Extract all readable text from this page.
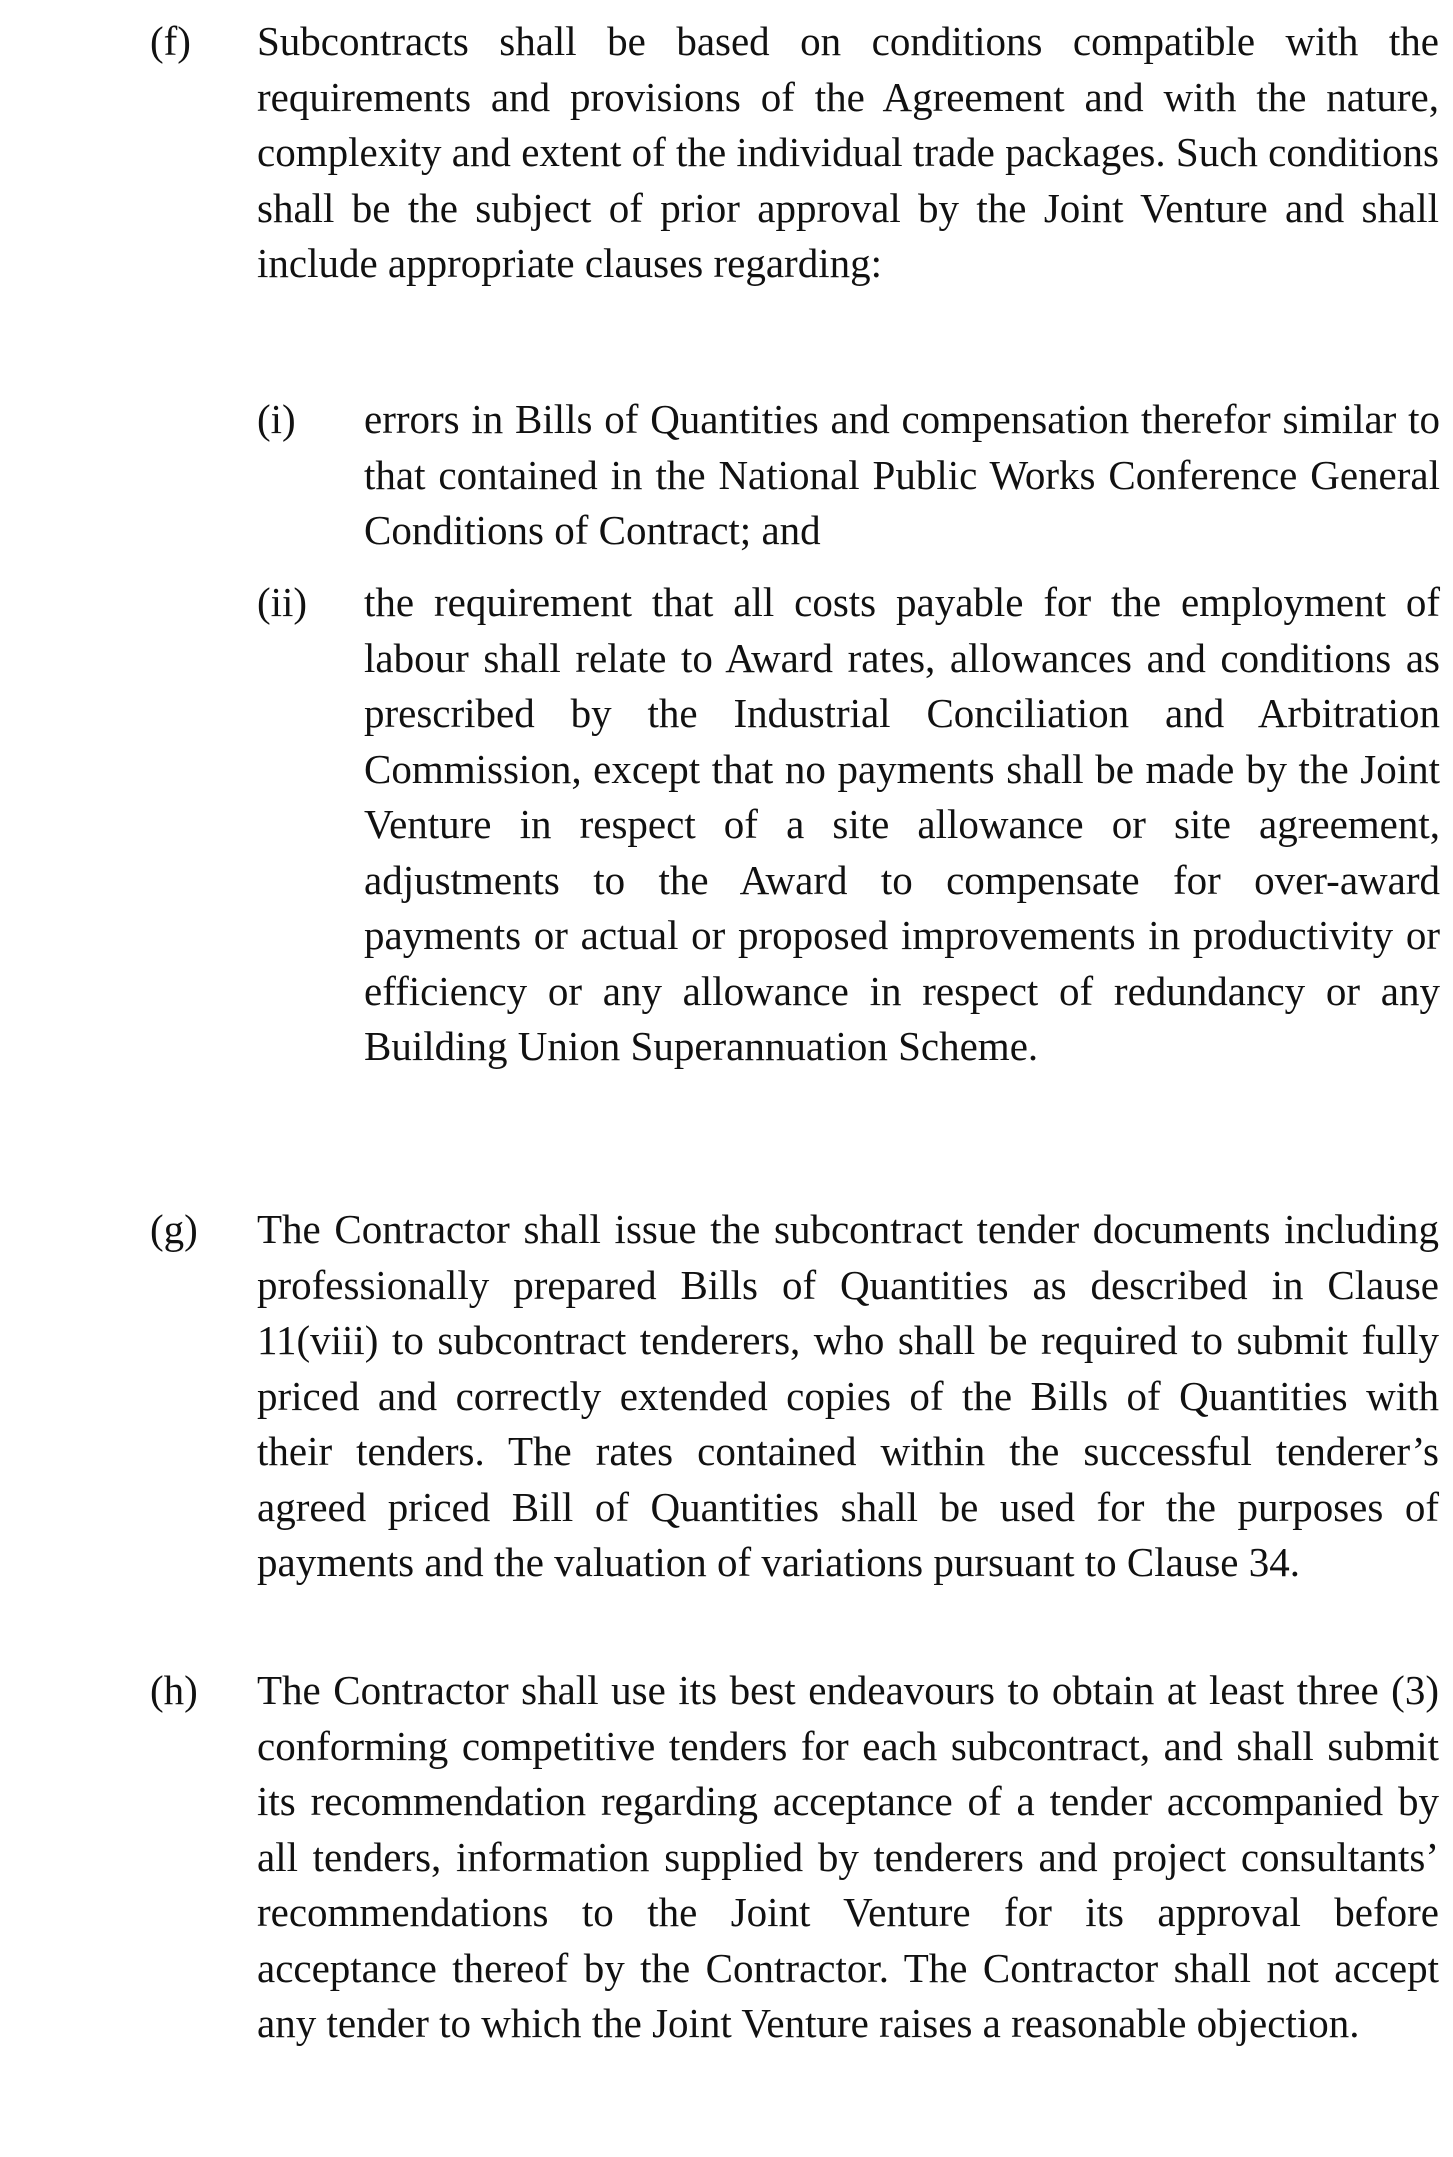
(f) Subcontracts shall be based on conditions compatible with the requirements and provisions of the Agreement and with the nature, complexity and extent of the individual trade packages. Such conditions shall be the subject of prior approval by the Joint Venture and shall include appropriate clauses regarding:
(i) errors in Bills of Quantities and compensation therefor similar to that contained in the National Public Works Conference General Conditions of Contract; and
(ii) the requirement that all costs payable for the employment of labour shall relate to Award rates, allowances and conditions as prescribed by the Industrial Conciliation and Arbitration Commission, except that no payments shall be made by the Joint Venture in respect of a site allowance or site agreement, adjustments to the Award to compensate for over-award payments or actual or proposed improvements in productivity or efficiency or any allowance in respect of redundancy or any Building Union Superannuation Scheme.
(g) The Contractor shall issue the subcontract tender documents including professionally prepared Bills of Quantities as described in Clause 11(viii) to subcontract tenderers, who shall be required to submit fully priced and correctly extended copies of the Bills of Quantities with their tenders. The rates contained within the successful tenderer’s agreed priced Bill of Quantities shall be used for the purposes of payments and the valuation of variations pursuant to Clause 34.
(h) The Contractor shall use its best endeavours to obtain at least three (3) conforming competitive tenders for each subcontract, and shall submit its recommendation regarding acceptance of a tender accompanied by all tenders, information supplied by tenderers and project consultants’ recommendations to the Joint Venture for its approval before acceptance thereof by the Contractor. The Contractor shall not accept any tender to which the Joint Venture raises a reasonable objection.
